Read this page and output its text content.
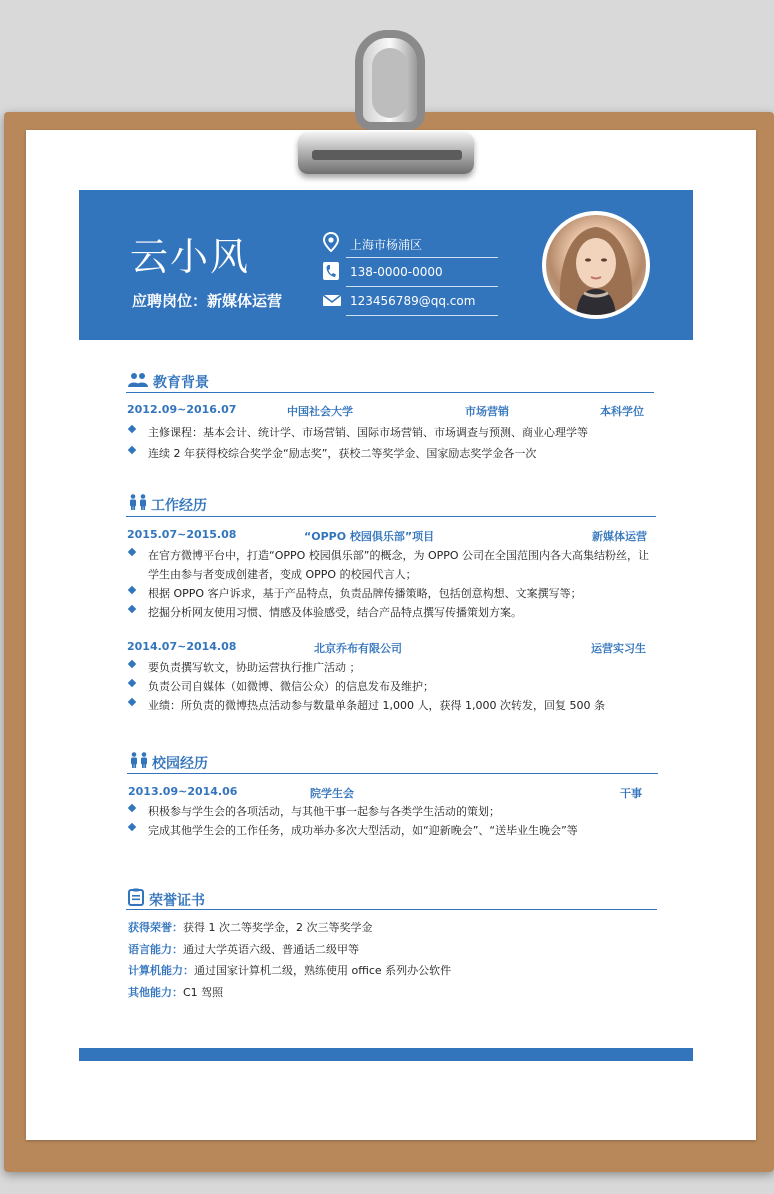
云小风
应聘岗位：新媒体运营
上海市杨浦区
138-0000-0000
123456789@qq.com
教育背景
2012.09~2016.07	中国社会大学	市场营销	本科学位
主修课程：基本会计、统计学、市场营销、国际市场营销、市场调查与预测、商业心理学等
连续 2 年获得校综合奖学金“励志奖”，获校二等奖学金、国家励志奖学金各一次
工作经历
2015.07~2015.08	“OPPO 校园俱乐部”项目	新媒体运营
在官方微博平台中，打造“OPPO 校园俱乐部”的概念，为 OPPO 公司在全国范围内各大高集结粉丝，让
学生由参与者变成创建者，变成 OPPO 的校园代言人；
根据 OPPO 客户诉求，基于产品特点，负责品牌传播策略，包括创意构想、文案撰写等；
挖掘分析网友使用习惯、情感及体验感受，结合产品特点撰写传播策划方案。
2014.07~2014.08	北京乔布有限公司	运营实习生
要负责撰写软文，协助运营执行推广活动 ；
负责公司自媒体（如微博、微信公众）的信息发布及维护；
业绩：所负责的微博热点活动参与数量单条超过 1,000 人，获得 1,000 次转发，回复 500 条
校园经历
2013.09~2014.06	院学生会	干事
积极参与学生会的各项活动，与其他干事一起参与各类学生活动的策划；
完成其他学生会的工作任务，成功举办多次大型活动，如“迎新晚会”、“送毕业生晚会”等
荣誉证书
获得荣誉：获得 1 次二等奖学金，2 次三等奖学金
语言能力：通过大学英语六级、普通话二级甲等
计算机能力：通过国家计算机二级，熟练使用 office 系列办公软件
其他能力：C1 驾照
